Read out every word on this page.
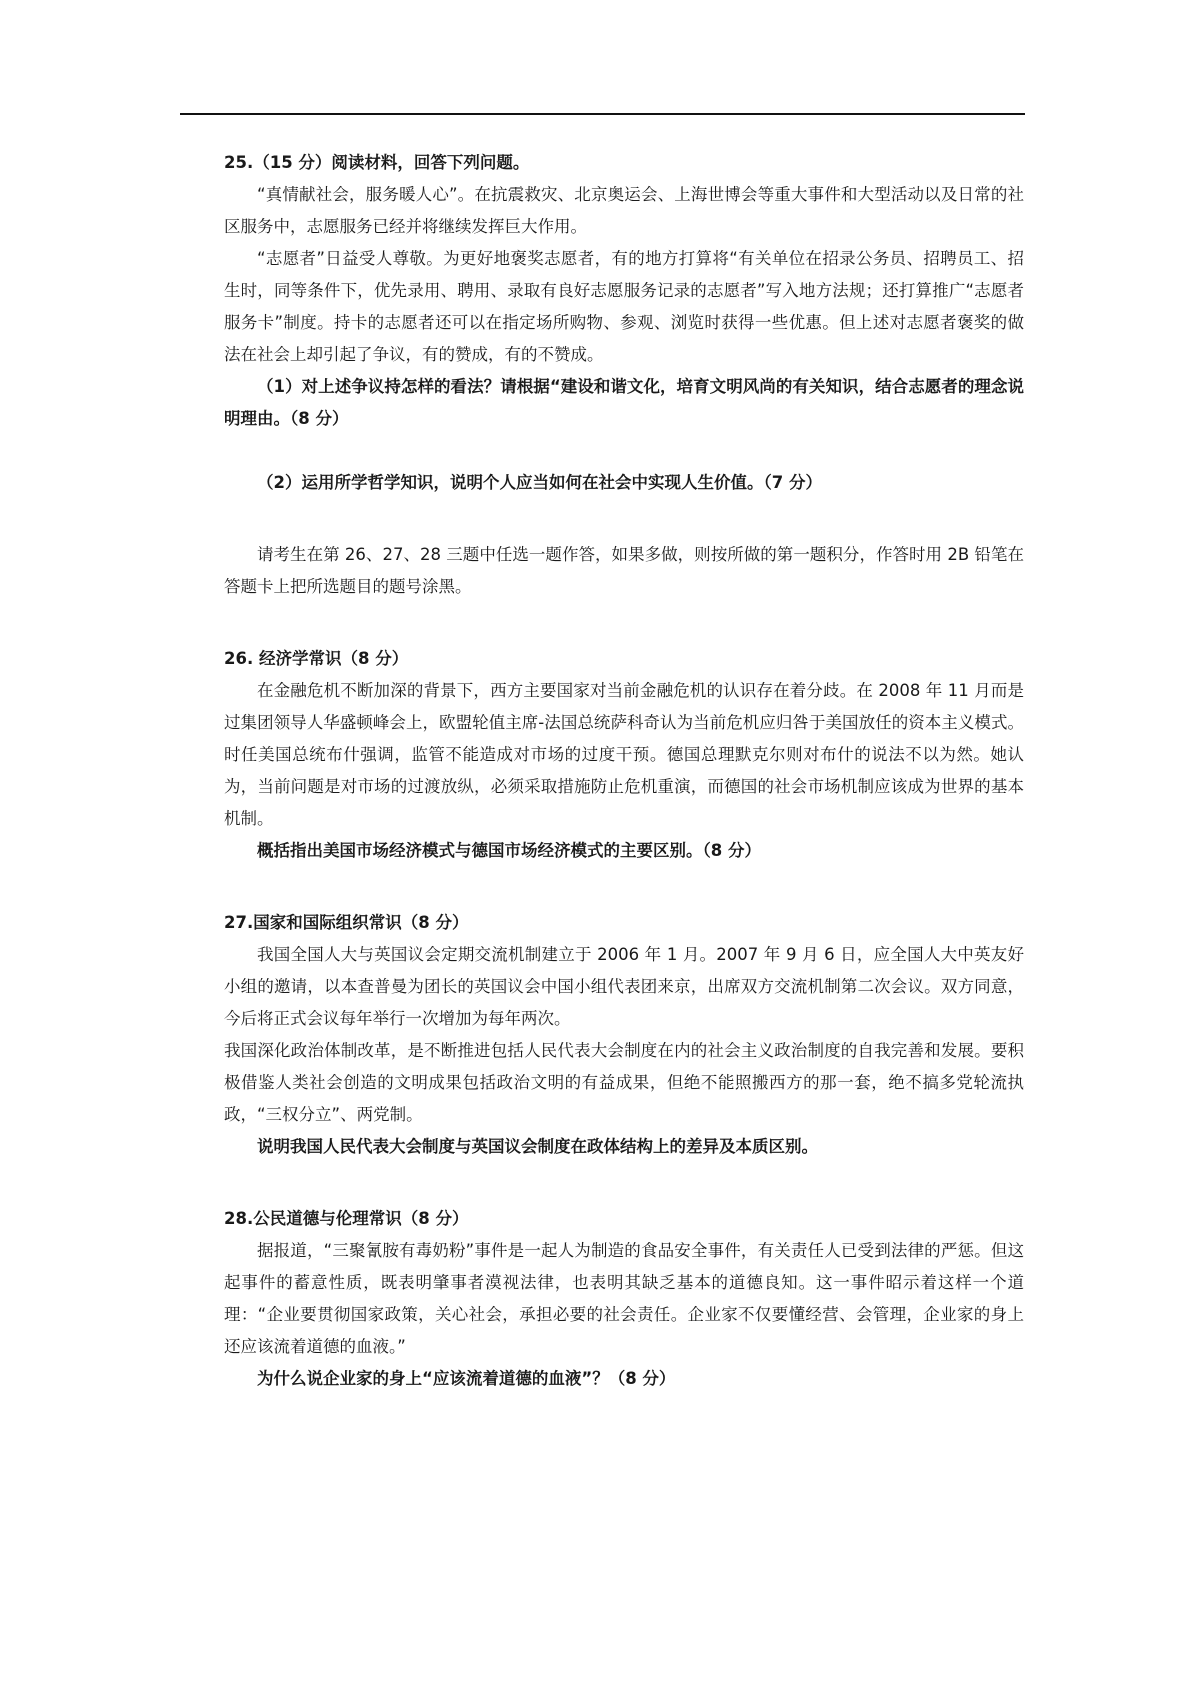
25.（15 分）阅读材料，回答下列问题。

“真情献社会，服务暖人心”。在抗震救灾、北京奥运会、上海世博会等重大事件和大型活动以及日常的社区服务中，志愿服务已经并将继续发挥巨大作用。

“志愿者”日益受人尊敬。为更好地褒奖志愿者，有的地方打算将“有关单位在招录公务员、招聘员工、招生时，同等条件下，优先录用、聘用、录取有良好志愿服务记录的志愿者”写入地方法规；还打算推广“志愿者服务卡”制度。持卡的志愿者还可以在指定场所购物、参观、浏览时获得一些优惠。但上述对志愿者褒奖的做法在社会上却引起了争议，有的赞成，有的不赞成。

（1）对上述争议持怎样的看法？请根据“建设和谐文化，培育文明风尚的有关知识，结合志愿者的理念说明理由。（8 分）

（2）运用所学哲学知识，说明个人应当如何在社会中实现人生价值。（7 分）

请考生在第 26、27、28 三题中任选一题作答，如果多做，则按所做的第一题积分，作答时用 2B 铅笔在答题卡上把所选题目的题号涂黑。

26. 经济学常识（8 分）

在金融危机不断加深的背景下，西方主要国家对当前金融危机的认识存在着分歧。在 2008 年 11 月而是过集团领导人华盛顿峰会上，欧盟轮值主席-法国总统萨科奇认为当前危机应归咎于美国放任的资本主义模式。时任美国总统布什强调，监管不能造成对市场的过度干预。德国总理默克尔则对布什的说法不以为然。她认为，当前问题是对市场的过渡放纵，必须采取措施防止危机重演，而德国的社会市场机制应该成为世界的基本机制。

概括指出美国市场经济模式与德国市场经济模式的主要区别。（8 分）

27.国家和国际组织常识（8 分）

我国全国人大与英国议会定期交流机制建立于 2006 年 1 月。2007 年 9 月 6 日，应全国人大中英友好小组的邀请，以本查普曼为团长的英国议会中国小组代表团来京，出席双方交流机制第二次会议。双方同意，今后将正式会议每年举行一次增加为每年两次。

我国深化政治体制改革，是不断推进包括人民代表大会制度在内的社会主义政治制度的自我完善和发展。要积极借鉴人类社会创造的文明成果包括政治文明的有益成果，但绝不能照搬西方的那一套，绝不搞多党轮流执政，“三权分立”、两党制。

说明我国人民代表大会制度与英国议会制度在政体结构上的差异及本质区别。

28.公民道德与伦理常识（8 分）

据报道，“三聚氰胺有毒奶粉”事件是一起人为制造的食品安全事件，有关责任人已受到法律的严惩。但这起事件的蓄意性质，既表明肇事者漠视法律，也表明其缺乏基本的道德良知。这一事件昭示着这样一个道理：“企业要贯彻国家政策，关心社会，承担必要的社会责任。企业家不仅要懂经营、会管理，企业家的身上还应该流着道德的血液。”

为什么说企业家的身上“应该流着道德的血液”？（8 分）
